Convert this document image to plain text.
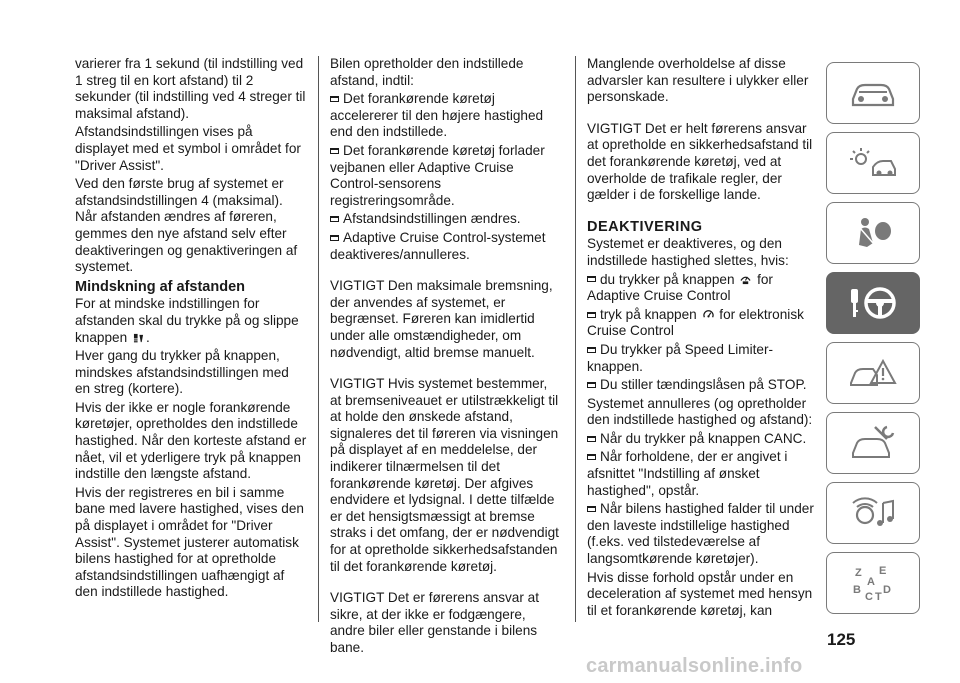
varierer fra 1 sekund (til indstilling ved 1 streg til en kort afstand) til 2 sekunder (til indstilling ved 4 streger til maksimal afstand).

Afstandsindstillingen vises på displayet med et symbol i området for "Driver Assist".

Ved den første brug af systemet er afstandsindstillingen 4 (maksimal). Når afstanden ændres af føreren, gemmes den nye afstand selv efter deaktiveringen og genaktiveringen af systemet.

Mindskning af afstanden

For at mindske indstillingen for afstanden skal du trykke på og slippe knappen .

Hver gang du trykker på knappen, mindskes afstandsindstillingen med en streg (kortere).

Hvis der ikke er nogle forankørende køretøjer, opretholdes den indstillede hastighed. Når den korteste afstand er nået, vil et yderligere tryk på knappen indstille den længste afstand.

Hvis der registreres en bil i samme bane med lavere hastighed, vises den på displayet i området for "Driver Assist". Systemet justerer automatisk bilens hastighed for at opretholde afstandsindstillingen uafhængigt af den indstillede hastighed.

Bilen opretholder den indstillede afstand, indtil:

Det forankørende køretøj accelererer til den højere hastighed end den indstillede.

Det forankørende køretøj forlader vejbanen eller Adaptive Cruise Control-sensorens registreringsområde.

Afstandsindstillingen ændres.

Adaptive Cruise Control-systemet deaktiveres/annulleres.

VIGTIGT Den maksimale bremsning, der anvendes af systemet, er begrænset. Føreren kan imidlertid under alle omstændigheder, om nødvendigt, altid bremse manuelt.

VIGTIGT Hvis systemet bestemmer, at bremseniveauet er utilstrækkeligt til at holde den ønskede afstand, signaleres det til føreren via visningen på displayet af en meddelelse, der indikerer tilnærmelsen til det forankørende køretøj. Der afgives endvidere et lydsignal. I dette tilfælde er det hensigtsmæssigt at bremse straks i det omfang, der er nødvendigt for at opretholde sikkerhedsafstanden til det forankørende køretøj.

VIGTIGT Det er førerens ansvar at sikre, at der ikke er fodgængere, andre biler eller genstande i bilens bane.

Manglende overholdelse af disse advarsler kan resultere i ulykker eller personskade.

VIGTIGT Det er helt førerens ansvar at opretholde en sikkerhedsafstand til det forankørende køretøj, ved at overholde de trafikale regler, der gælder i de forskellige lande.

DEAKTIVERING

Systemet er deaktiveres, og den indstillede hastighed slettes, hvis:

du trykker på knappen for Adaptive Cruise Control

tryk på knappen for elektronisk Cruise Control

Du trykker på Speed Limiter-knappen.

Du stiller tændingslåsen på STOP.

Systemet annulleres (og opretholder den indstillede hastighed og afstand):

Når du trykker på knappen CANC.

Når forholdene, der er angivet i afsnittet "Indstilling af ønsket hastighed", opstår.

Når bilens hastighed falder til under den laveste indstillelige hastighed (f.eks. ved tilstedeværelse af langsomtkørende køretøjer).

Hvis disse forhold opstår under en deceleration af systemet med hensyn til et forankørende køretøj, kan

Z E
A
B D
C T
125
carmanualsonline.info
